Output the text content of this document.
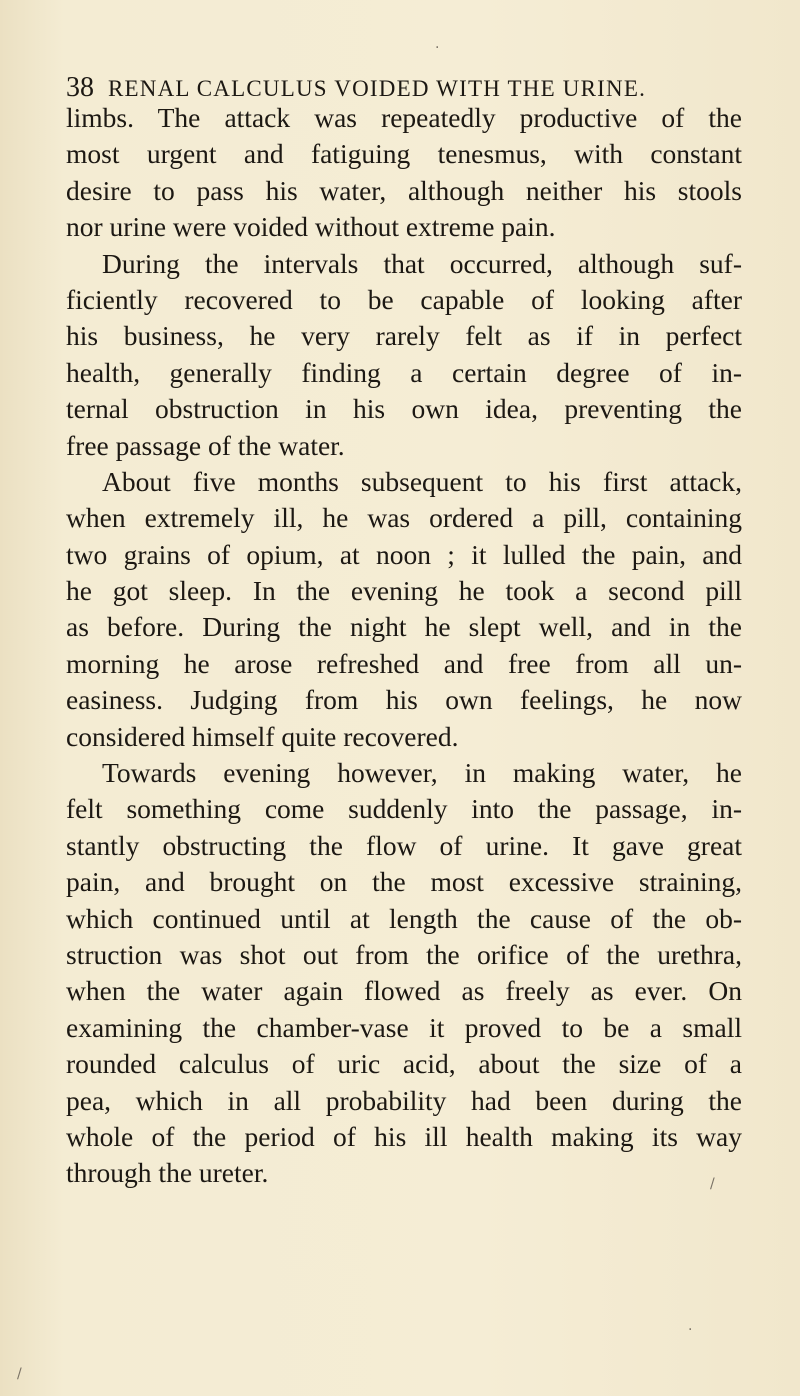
38 RENAL CALCULUS VOIDED WITH THE URINE.
limbs. The attack was repeatedly productive of the
most urgent and fatiguing tenesmus, with constant
desire to pass his water, although neither his stools
nor urine were voided without extreme pain.
During the intervals that occurred, although suf-
ficiently recovered to be capable of looking after
his business, he very rarely felt as if in perfect
health, generally finding a certain degree of in-
ternal obstruction in his own idea, preventing the
free passage of the water.
About five months subsequent to his first attack,
when extremely ill, he was ordered a pill, containing
two grains of opium, at noon ; it lulled the pain, and
he got sleep. In the evening he took a second pill
as before. During the night he slept well, and in the
morning he arose refreshed and free from all un-
easiness. Judging from his own feelings, he now
considered himself quite recovered.
Towards evening however, in making water, he
felt something come suddenly into the passage, in-
stantly obstructing the flow of urine. It gave great
pain, and brought on the most excessive straining,
which continued until at length the cause of the ob-
struction was shot out from the orifice of the urethra,
when the water again flowed as freely as ever. On
examining the chamber-vase it proved to be a small
rounded calculus of uric acid, about the size of a
pea, which in all probability had been during the
whole of the period of his ill health making its way
through the ureter.
·
/
·
/
